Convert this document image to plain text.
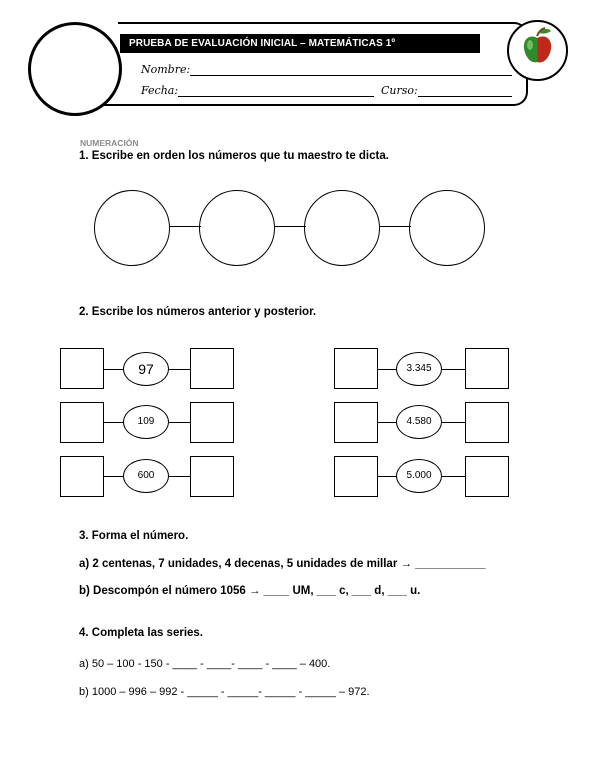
PRUEBA DE EVALUACIÓN INICIAL – MATEMÁTICAS 1º
Nombre:
Fecha:	Curso:
NUMERACIÓN
1. Escribe en orden los números que tu maestro te dicta.
2. Escribe los números anterior y posterior.
97
109
600
3.345
4.580
5.000
3. Forma el número.
a) 2 centenas, 7 unidades, 4 decenas, 5 unidades de millar → ___________
b) Descompón el número 1056 → ____ UM, ___ c, ___ d, ___ u.
4. Completa las series.
a) 50 – 100 - 150 - ____ - ____- ____ - ____ – 400.
b) 1000 – 996 – 992 - _____ - _____- _____ - _____ – 972.
